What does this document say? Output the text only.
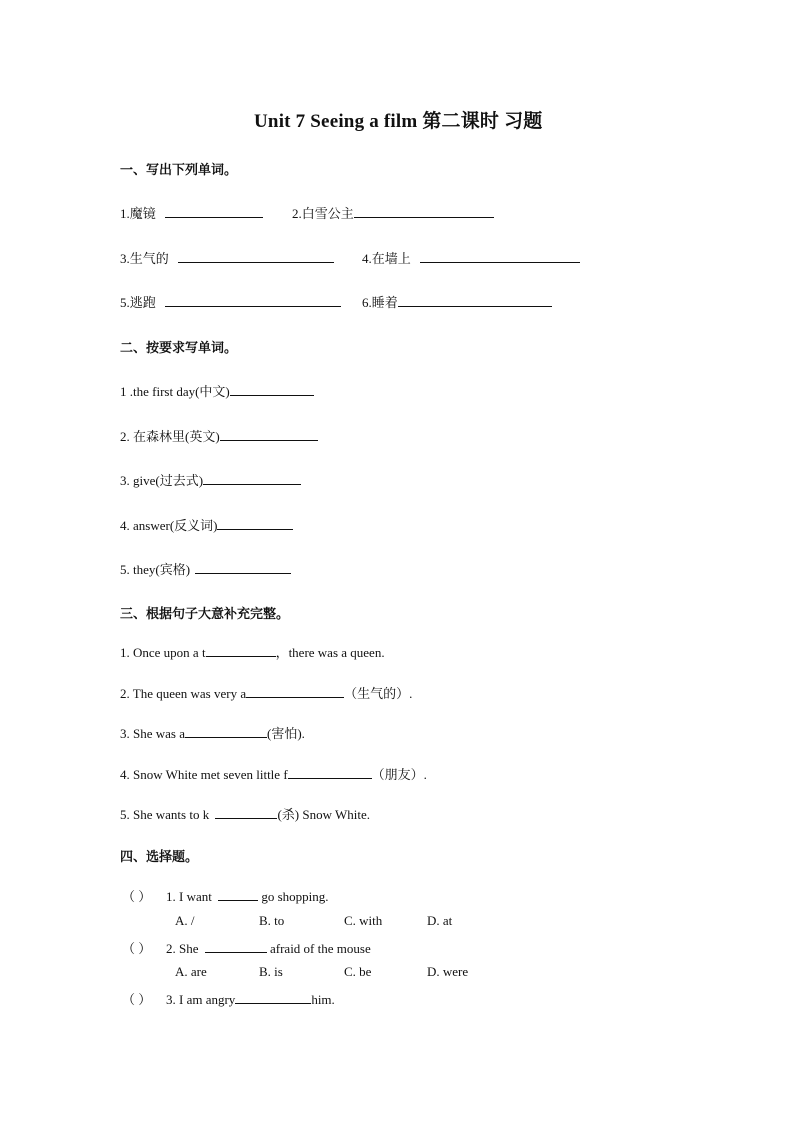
Unit 7 Seeing a film 第二课时 习题
一、写出下列单词。
1.魔镜	2.白雪公主
3.生气的	4.在墙上
5.逃跑	6.睡着
二、按要求写单词。
1 .the first day(中文)
2. 在森林里(英文)
3. give(过去式)
4. answer(反义词)
5. they(宾格)
三、根据句子大意补充完整。
1. Once upon a t	，there was a queen.
2. The queen was very a	（生气的）.
3. She was a	(害怕).
4. Snow White met seven little f	（朋友）.
5. She wants to k	(杀) Snow White.
四、选择题。
（ ） 1. I want	go shopping.
A. /	B. to	C. with	D. at
（ ） 2. She	afraid of the mouse
A. are	B. is	C. be	D. were
（ ） 3. I am angry	him.
